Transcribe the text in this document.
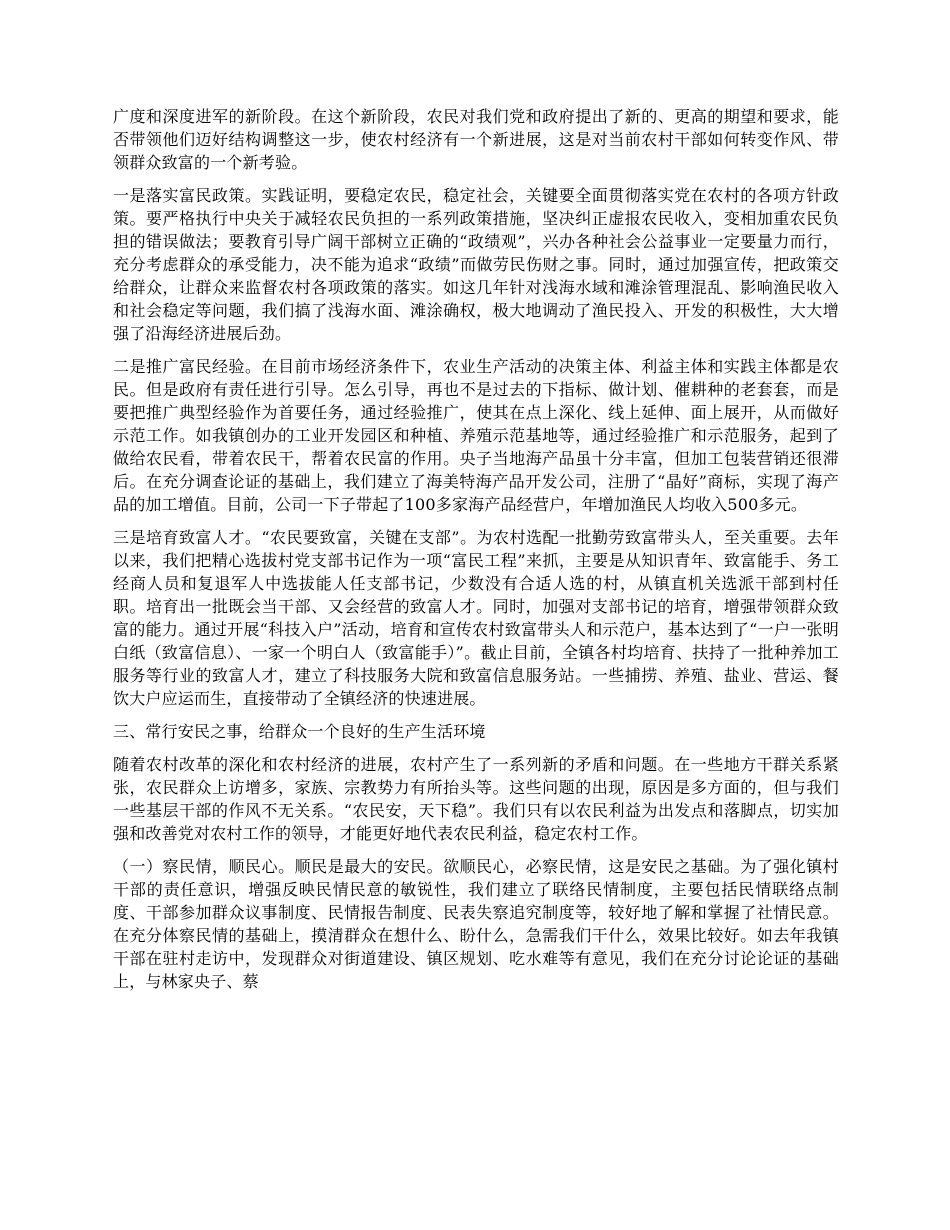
广度和深度进军的新阶段。在这个新阶段，农民对我们党和政府提出了新的、更高的期望和要求，能否带领他们迈好结构调整这一步，使农村经济有一个新进展，这是对当前农村干部如何转变作风、带领群众致富的一个新考验。

一是落实富民政策。实践证明，要稳定农民，稳定社会，关键要全面贯彻落实党在农村的各项方针政策。要严格执行中央关于减轻农民负担的一系列政策措施，坚决纠正虚报农民收入，变相加重农民负担的错误做法；要教育引导广阔干部树立正确的“政绩观”，兴办各种社会公益事业一定要量力而行，充分考虑群众的承受能力，决不能为追求“政绩”而做劳民伤财之事。同时，通过加强宣传，把政策交给群众，让群众来监督农村各项政策的落实。如这几年针对浅海水域和滩涂管理混乱、影响渔民收入和社会稳定等问题，我们搞了浅海水面、滩涂确权，极大地调动了渔民投入、开发的积极性，大大增强了沿海经济进展后劲。

二是推广富民经验。在目前市场经济条件下，农业生产活动的决策主体、利益主体和实践主体都是农民。但是政府有责任进行引导。怎么引导，再也不是过去的下指标、做计划、催耕种的老套套，而是要把推广典型经验作为首要任务，通过经验推广，使其在点上深化、线上延伸、面上展开，从而做好示范工作。如我镇创办的工业开发园区和种植、养殖示范基地等，通过经验推广和示范服务，起到了做给农民看，带着农民干，帮着农民富的作用。央子当地海产品虽十分丰富，但加工包装营销还很滞后。在充分调查论证的基础上，我们建立了海美特海产品开发公司，注册了“晶好”商标，实现了海产品的加工增值。目前，公司一下子带起了100多家海产品经营户，年增加渔民人均收入500多元。

三是培育致富人才。“农民要致富，关键在支部”。为农村选配一批勤劳致富带头人，至关重要。去年以来，我们把精心选拔村党支部书记作为一项“富民工程”来抓，主要是从知识青年、致富能手、务工经商人员和复退军人中选拔能人任支部书记，少数没有合适人选的村，从镇直机关选派干部到村任职。培育出一批既会当干部、又会经营的致富人才。同时，加强对支部书记的培育，增强带领群众致富的能力。通过开展“科技入户”活动，培育和宣传农村致富带头人和示范户，基本达到了“一户一张明白纸（致富信息）、一家一个明白人（致富能手）”。截止目前，全镇各村均培育、扶持了一批种养加工服务等行业的致富人才，建立了科技服务大院和致富信息服务站。一些捕捞、养殖、盐业、营运、餐饮大户应运而生，直接带动了全镇经济的快速进展。

三、常行安民之事，给群众一个良好的生产生活环境

随着农村改革的深化和农村经济的进展，农村产生了一系列新的矛盾和问题。在一些地方干群关系紧张，农民群众上访增多，家族、宗教势力有所抬头等。这些问题的出现，原因是多方面的，但与我们一些基层干部的作风不无关系。“农民安，天下稳”。我们只有以农民利益为出发点和落脚点，切实加强和改善党对农村工作的领导，才能更好地代表农民利益，稳定农村工作。

（一）察民情，顺民心。顺民是最大的安民。欲顺民心，必察民情，这是安民之基础。为了强化镇村干部的责任意识，增强反映民情民意的敏锐性，我们建立了联络民情制度，主要包括民情联络点制度、干部参加群众议事制度、民情报告制度、民表失察追究制度等，较好地了解和掌握了社情民意。在充分体察民情的基础上，摸清群众在想什么、盼什么，急需我们干什么，效果比较好。如去年我镇干部在驻村走访中，发现群众对街道建设、镇区规划、吃水难等有意见，我们在充分讨论论证的基础上，与林家央子、蔡
